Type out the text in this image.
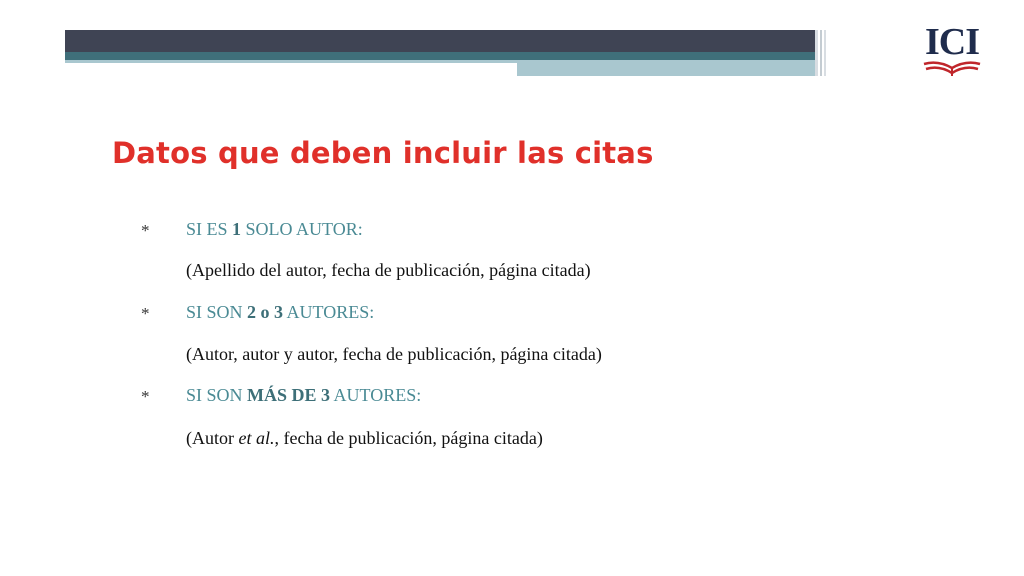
ICI
Datos que deben incluir las citas
* SI ES 1 SOLO AUTOR:
(Apellido del autor, fecha de publicación, página citada)
* SI SON 2 o 3 AUTORES:
(Autor, autor y autor, fecha de publicación, página citada)
* SI SON MÁS DE 3 AUTORES:
(Autor et al., fecha de publicación, página citada)
